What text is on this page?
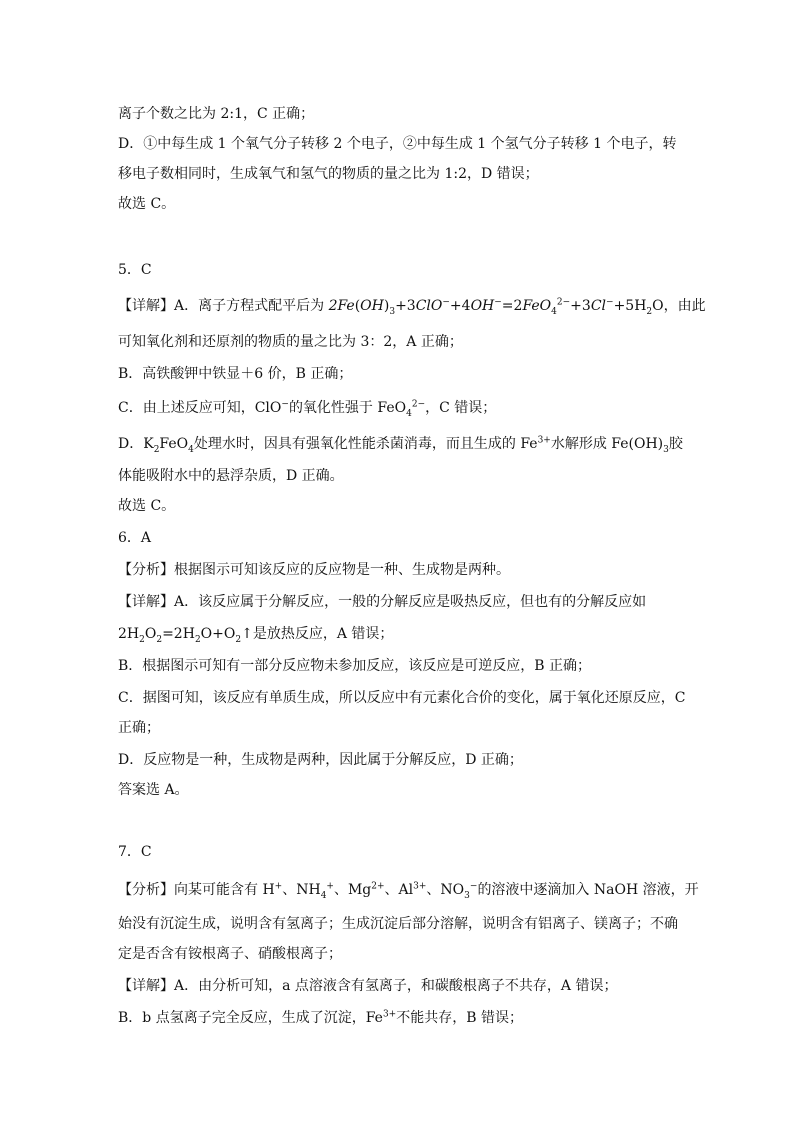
离子个数之比为 2:1，C 正确；
D．①中每生成 1 个氧气分子转移 2 个电子，②中每生成 1 个氢气分子转移 1 个电子，转
移电子数相同时，生成氧气和氢气的物质的量之比为 1:2，D 错误；
故选 C。
5．C
【详解】A．离子方程式配平后为 $2Fe(OH)_3+3ClO^-+4OH^-=2FeO_4^{2-}+3Cl^-+5H_2O$，由此
可知氧化剂和还原剂的物质的量之比为 3：2，A 正确；
B．高铁酸钾中铁显＋6 价，B 正确；
C．由上述反应可知，ClO−的氧化性强于 FeO$_4^{2-}$，C 错误；
D．$K_2FeO_4$处理水时，因具有强氧化性能杀菌消毒，而且生成的 $Fe^{3+}$水解形成 $Fe(OH)_3$胶
体能吸附水中的悬浮杂质，D 正确。
故选 C。
6．A
【分析】根据图示可知该反应的反应物是一种、生成物是两种。
【详解】A．该反应属于分解反应，一般的分解反应是吸热反应，但也有的分解反应如
$2H_2O_2=2H_2O+O_2↑$是放热反应，A 错误；
B．根据图示可知有一部分反应物未参加反应，该反应是可逆反应，B 正确；
C．据图可知，该反应有单质生成，所以反应中有元素化合价的变化，属于氧化还原反应，C
正确；
D．反应物是一种，生成物是两种，因此属于分解反应，D 正确；
答案选 A。
7．C
【分析】向某可能含有 H+、$NH_4^+$、$Mg^{2+}$、$Al^{3+}$、$NO_3^-$的溶液中逐滴加入 NaOH 溶液，开
始没有沉淀生成，说明含有氢离子；生成沉淀后部分溶解，说明含有铝离子、镁离子；不确
定是否含有铵根离子、硝酸根离子；
【详解】A．由分析可知，a 点溶液含有氢离子，和碳酸根离子不共存，A 错误；
B．b 点氢离子完全反应，生成了沉淀，$Fe^{3+}$不能共存，B 错误；
